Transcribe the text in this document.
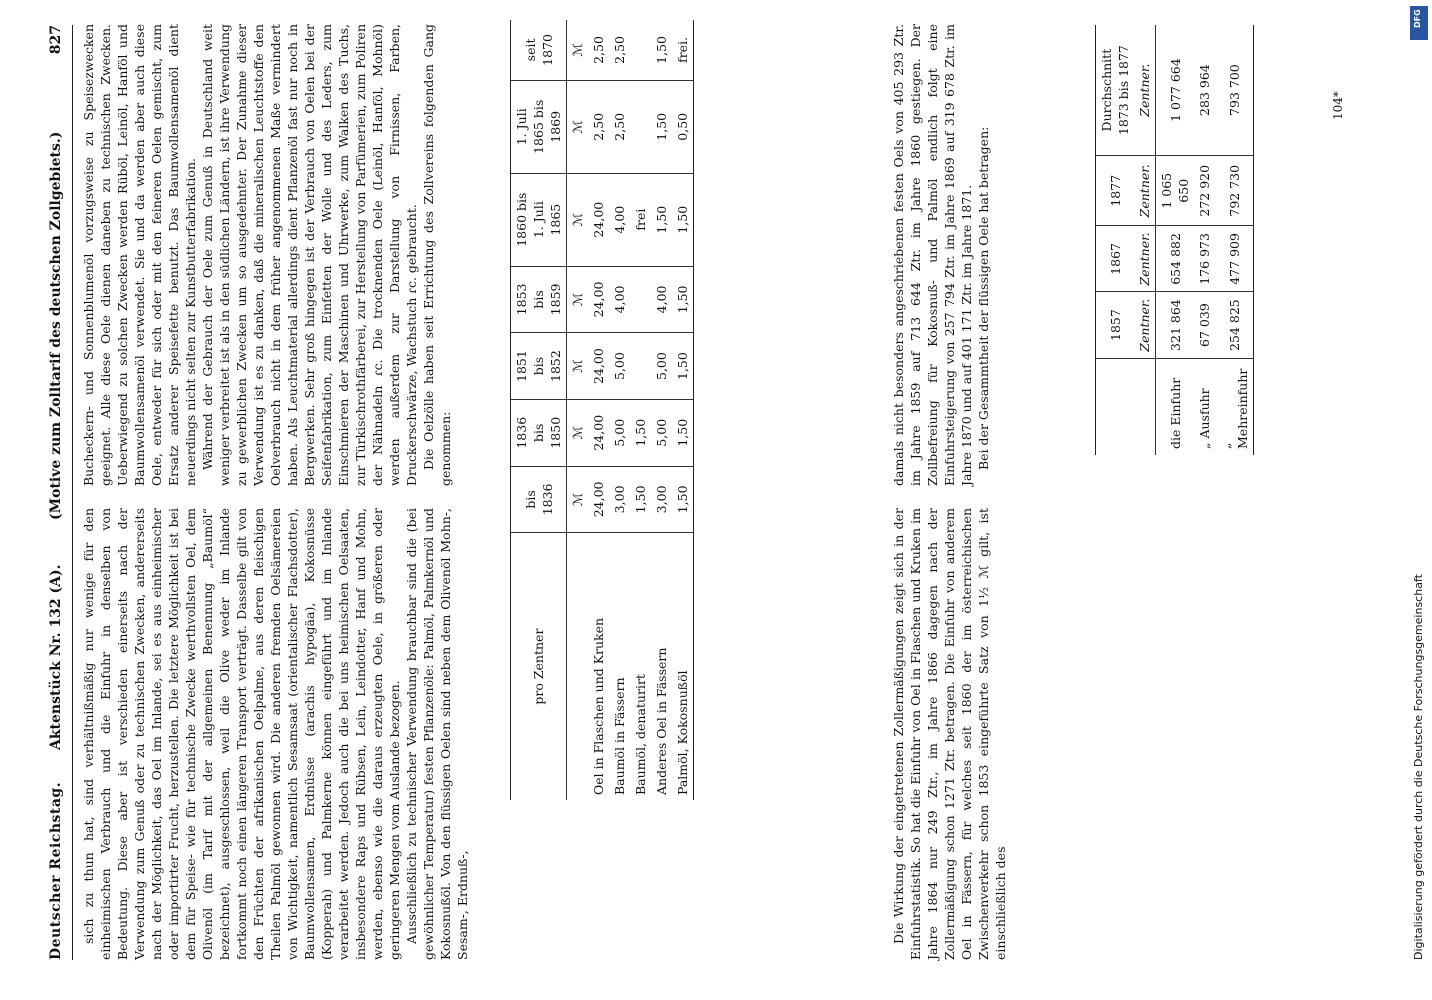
Deutscher Reichstag.
Aktenstück Nr. 132 (A).
(Motive zum Zolltarif des deutschen Zollgebiets.)
827

sich zu thun hat, sind verhältnißmäßig nur wenige für den einheimischen Verbrauch und die Einfuhr in denselben von Bedeutung. Diese aber ist verschieden einerseits nach der Verwendung zum Genuß oder zu technischen Zwecken, andererseits nach der Möglichkeit, das Oel im Inlande, sei es aus einheimischer oder importirter Frucht, herzustellen. Die letztere Möglichkeit ist bei dem für Speise- wie für technische Zwecke werthvollsten Oel, dem Olivenöl (im Tarif mit der allgemeinen Benennung „Baumöl“ bezeichnet), ausgeschlossen, weil die Olive weder im Inlande fortkommt noch einen längeren Transport verträgt. Dasselbe gilt von den Früchten der afrikanischen Oelpalme, aus deren fleischigen Theilen Palmöl gewonnen wird. Die anderen fremden Oelsämereien von Wichtigkeit, namentlich Sesamsaat (orientalischer Flachsdotter), Baumwollensamen, Erdnüsse (arachis hypogäa), Kokosnüsse (Kopperah) und Palmkerne können eingeführt und im Inlande verarbeitet werden. Jedoch auch die bei uns heimischen Oelsaaten, insbesondere Raps und Rübsen, Lein, Leindotter, Hanf und Mohn, werden, ebenso wie die daraus erzeugten Oele, in größeren oder geringeren Mengen vom Auslande bezogen. Ausschließlich zu technischer Verwendung brauchbar sind die (bei gewöhnlicher Temperatur) festen Pflanzenöle: Palmöl, Palmkernöl und Kokosnußöl. Von den flüssigen Oelen sind neben dem Olivenöl Mohn-, Sesam-, Erdnuß-,

Bucheckern- und Sonnenblumenöl vorzugsweise zu Speisezwecken geeignet. Alle diese Oele dienen daneben zu technischen Zwecken. Ueberwiegend zu solchen Zwecken werden Rüböl, Leinöl, Hanföl und Baumwollensamenöl verwendet. Sie und da werden aber auch diese Oele, entweder für sich oder mit den feineren Oelen gemischt, zum Ersatz anderer Speisefette benutzt. Das Baumwollensamenöl dient neuerdings nicht selten zur Kunstbutterfabrikation. Während der Gebrauch der Oele zum Genuß in Deutschland weit weniger verbreitet ist als in den südlichen Ländern, ist ihre Verwendung zu gewerblichen Zwecken um so ausgedehnter. Der Zunahme dieser Verwendung ist es zu danken, daß die mineralischen Leuchtstoffe den Oelverbrauch nicht in dem früher angenommenen Maße vermindert haben. Als Leuchtmaterial allerdings dient Pflanzenöl fast nur noch in Bergwerken. Sehr groß hingegen ist der Verbrauch von Oelen bei der Seifenfabrikation, zum Einfetten der Wolle und des Leders, zum Einschmieren der Maschinen und Uhrwerke, zum Walken des Tuchs, zur Türkischrothfärberei, zur Herstellung von Parfümerien, zum Poliren der Nähnadeln ɾc. Die trocknenden Oele (Leinöl, Hanföl, Mohnöl) werden außerdem zur Darstellung von Firnissen, Farben, Druckerschwärze, Wachstuch ɾc. gebraucht. Die Oelzölle haben seit Errichtung des Zollvereins folgenden Gang genommen:

pro Zentner	bis 1836	1836 bis 1850	1851 bis 1852	1853 bis 1859	1860 bis 1. Juli 1865	1. Juli 1865 bis 1869	seit 1870
	ℳ	ℳ	ℳ	ℳ	ℳ	ℳ	ℳ
Oel in Flaschen und Kruken	24,00	24,00	24,00	24,00	24,00	2,50	2,50
Baumöl in Fässern	3,00	5,00	5,00	4,00	4,00	2,50	2,50
Baumöl, denaturirt	1,50	1,50			frei		
Anderes Oel in Fässern	3,00	5,00	5,00	4,00	1,50	1,50	1,50
Palmöl, Kokosnußöl	1,50	1,50	1,50	1,50	1,50	0,50	frei.

Die Wirkung der eingetretenen Zollermäßigungen zeigt sich in der Einfuhrstatistik. So hat die Einfuhr von Oel in Flaschen und Kruken im Jahre 1864 nur 249 Ztr., im Jahre 1866 dagegen nach der Zollermäßigung schon 1271 Ztr. betragen. Die Einfuhr von anderem Oel in Fässern, für welches seit 1860 der im österreichischen Zwischenverkehr schon 1853 eingeführte Satz von 1½ ℳ gilt, ist einschließlich des

damals nicht besonders angeschriebenen festen Oels von 405 293 Ztr. im Jahre 1859 auf 713 644 Ztr. im Jahre 1860 gestiegen. Der Zollbefreiung für Kokosnuß- und Palmöl endlich folgt eine Einfuhrsteigerung von 257 794 Ztr. im Jahre 1869 auf 319 678 Ztr. im Jahre 1870 und auf 401 171 Ztr. im Jahre 1871. Bei der Gesammtheit der flüssigen Oele hat betragen:

		1857	1867	1877	Durchschnitt 1873 bis 1877
	Zentner.	Zentner.	Zentner.	Zentner.
die Einfuhr	321 864	654 882	1 065 650	1 077 664
„ Ausfuhr	67 039	176 973	272 920	283 964
„ Mehreinfuhr	254 825	477 909	792 730	793 700	104*
DFG
Digitalisierung gefördert durch die Deutsche Forschungsgemeinschaft
